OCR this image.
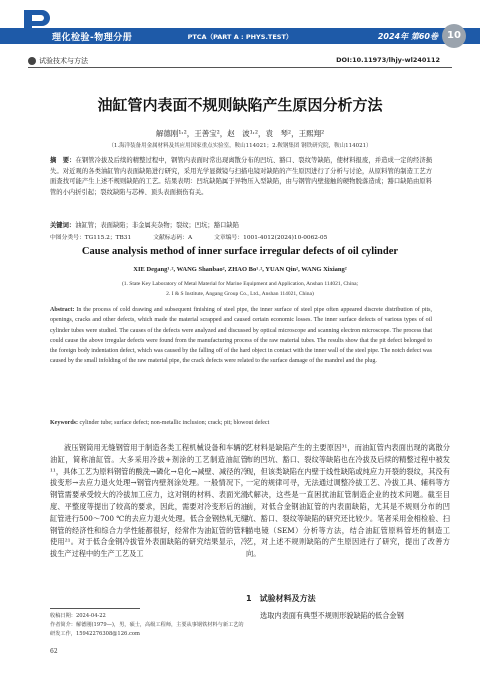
理化检验-物理分册	PTCA（PART A : PHYS.TEST）	2024年 第60卷 10
试验技术与方法	DOI:10.11973/lhjy-wl240112
油缸管内表面不规则缺陷产生原因分析方法
解德刚¹˒²，王善宝²，赵　波¹˒²，袁　琴²，王熙翔²
（1.海洋装备用金属材料及其应用国家重点实验室，鞍山114021；2.鞍钢集团 钢铁研究院，鞍山114021）
摘　要：在钢管冷拔及后续的精整过程中，钢管内表面时常出现离散分布的凹坑、豁口、裂纹等缺陷，使材料报废，并造成一定的经济损失。对近观的各类油缸管内表面缺陷进行研究，采用光学显微镜与扫描电镜对缺陷的产生原因进行了分析与讨论，从原料管的制造工艺方面查找可能产生上述不规则缺陷的工艺。结果表明：凹坑缺陷属于异物压入型缺陷，由与钢管内壁接触的硬物脱落造成；豁口缺陷由原料管的小内折引起；裂纹缺陷与芯棒、顶头表面损伤有关。
关键词：油缸管；表面缺陷；非金属夹杂物；裂纹；凹坑；豁口缺陷
中图分类号：TG115.2；TB31	文献标志码：A	文章编号：1001-4012(2024)10-0062-05
Cause analysis method of inner surface irregular defects of oil cylinder
XIE Degang¹˒², WANG Shanbao², ZHAO Bo¹˒², YUAN Qin², WANG Xixiang²
(1. State Key Laboratory of Metal Material for Marine Equipment and Application, Anshan 114021, China;
2. I & S Institute, Angang Group Co., Ltd., Anshan 114021, China)
Abstract: In the process of cold drawing and subsequent finishing of steel pipe, the inner surface of steel pipe often appeared discrete distribution of pits, openings, cracks and other defects, which made the material scrapped and caused certain economic losses. The inner surface defects of various types of oil cylinder tubes were studied. The causes of the defects were analyzed and discussed by optical microscope and scanning electron microscope. The process that could cause the above irregular defects were found from the manufacturing process of the raw material tubes. The results show that the pit defect belonged to the foreign body indentation defect, which was caused by the falling off of the hard object in contact with the inner wall of the steel pipe. The notch defect was caused by the small infolding of the raw material pipe, the crack defects were related to the surface damage of the mandrel and the plug.
Keywords: cylinder tube; surface defect; non-metallic inclusion; crack; pit; blowout defect
液压钢筒用无缝钢管用于制造各类工程机械设备和车辆的油缸，简称油缸管。大多采用冷拔+剂涂的工艺制造油缸管¹¹，具体工艺为原料钢管的酸洗→磷化→皂化→减壁、减径的冷拔变形→去应力退火处理→钢管内壁剂涂处理。一般情况下，钢管需要承受较大的冷拔加工应力，这对钢的材料、表面光滑度、平整度等提出了较高的要求，因此，需要对冷变形后的油缸管进行500～700 ℃的去应力退火处理。低合金钢热轧无缝钢管的经济性和综合力学性能都很好，经常作为油缸管的管料使用²¹。对于低合金钢冷拔管外表面缺陷的研究结果显示，冷拔生产过程中的生产工艺及工
艺材料是缺陷产生的主要原因³¹，而油缸管内表面出现的离散分布的凹坑、豁口、裂纹等缺陷也在冷拔及后续的精整过程中被发现，但该类缺陷在内壁于线性缺陷或纯应力开裂的裂纹，其没有一定的规律可寻，无法通过调整冷拔工艺、冷拔工具、辅料等方式解决，这些是一直困扰油缸管制造企业的技术问题。截至目前，对低合金钢油缸管的内表面缺陷，尤其是不规则分布的凹坑、豁口、裂纹等缺陷的研究还比较少。笔者采用金相检验、扫描电镜（SEM）分析等方法，结合油缸管原料管坯的制造工艺，对上述不规则缺陷的产生原因进行了研究，提出了改善方向。
1　试验材料及方法
选取内表面有典型不规则形貌缺陷的低合金钢
收稿日期：2024-04-22
作者简介：解德刚(1979—)，男，硕士，高级工程师，主要从事钢铁材料与新工艺的研发工作，15942276308@126.com
62
